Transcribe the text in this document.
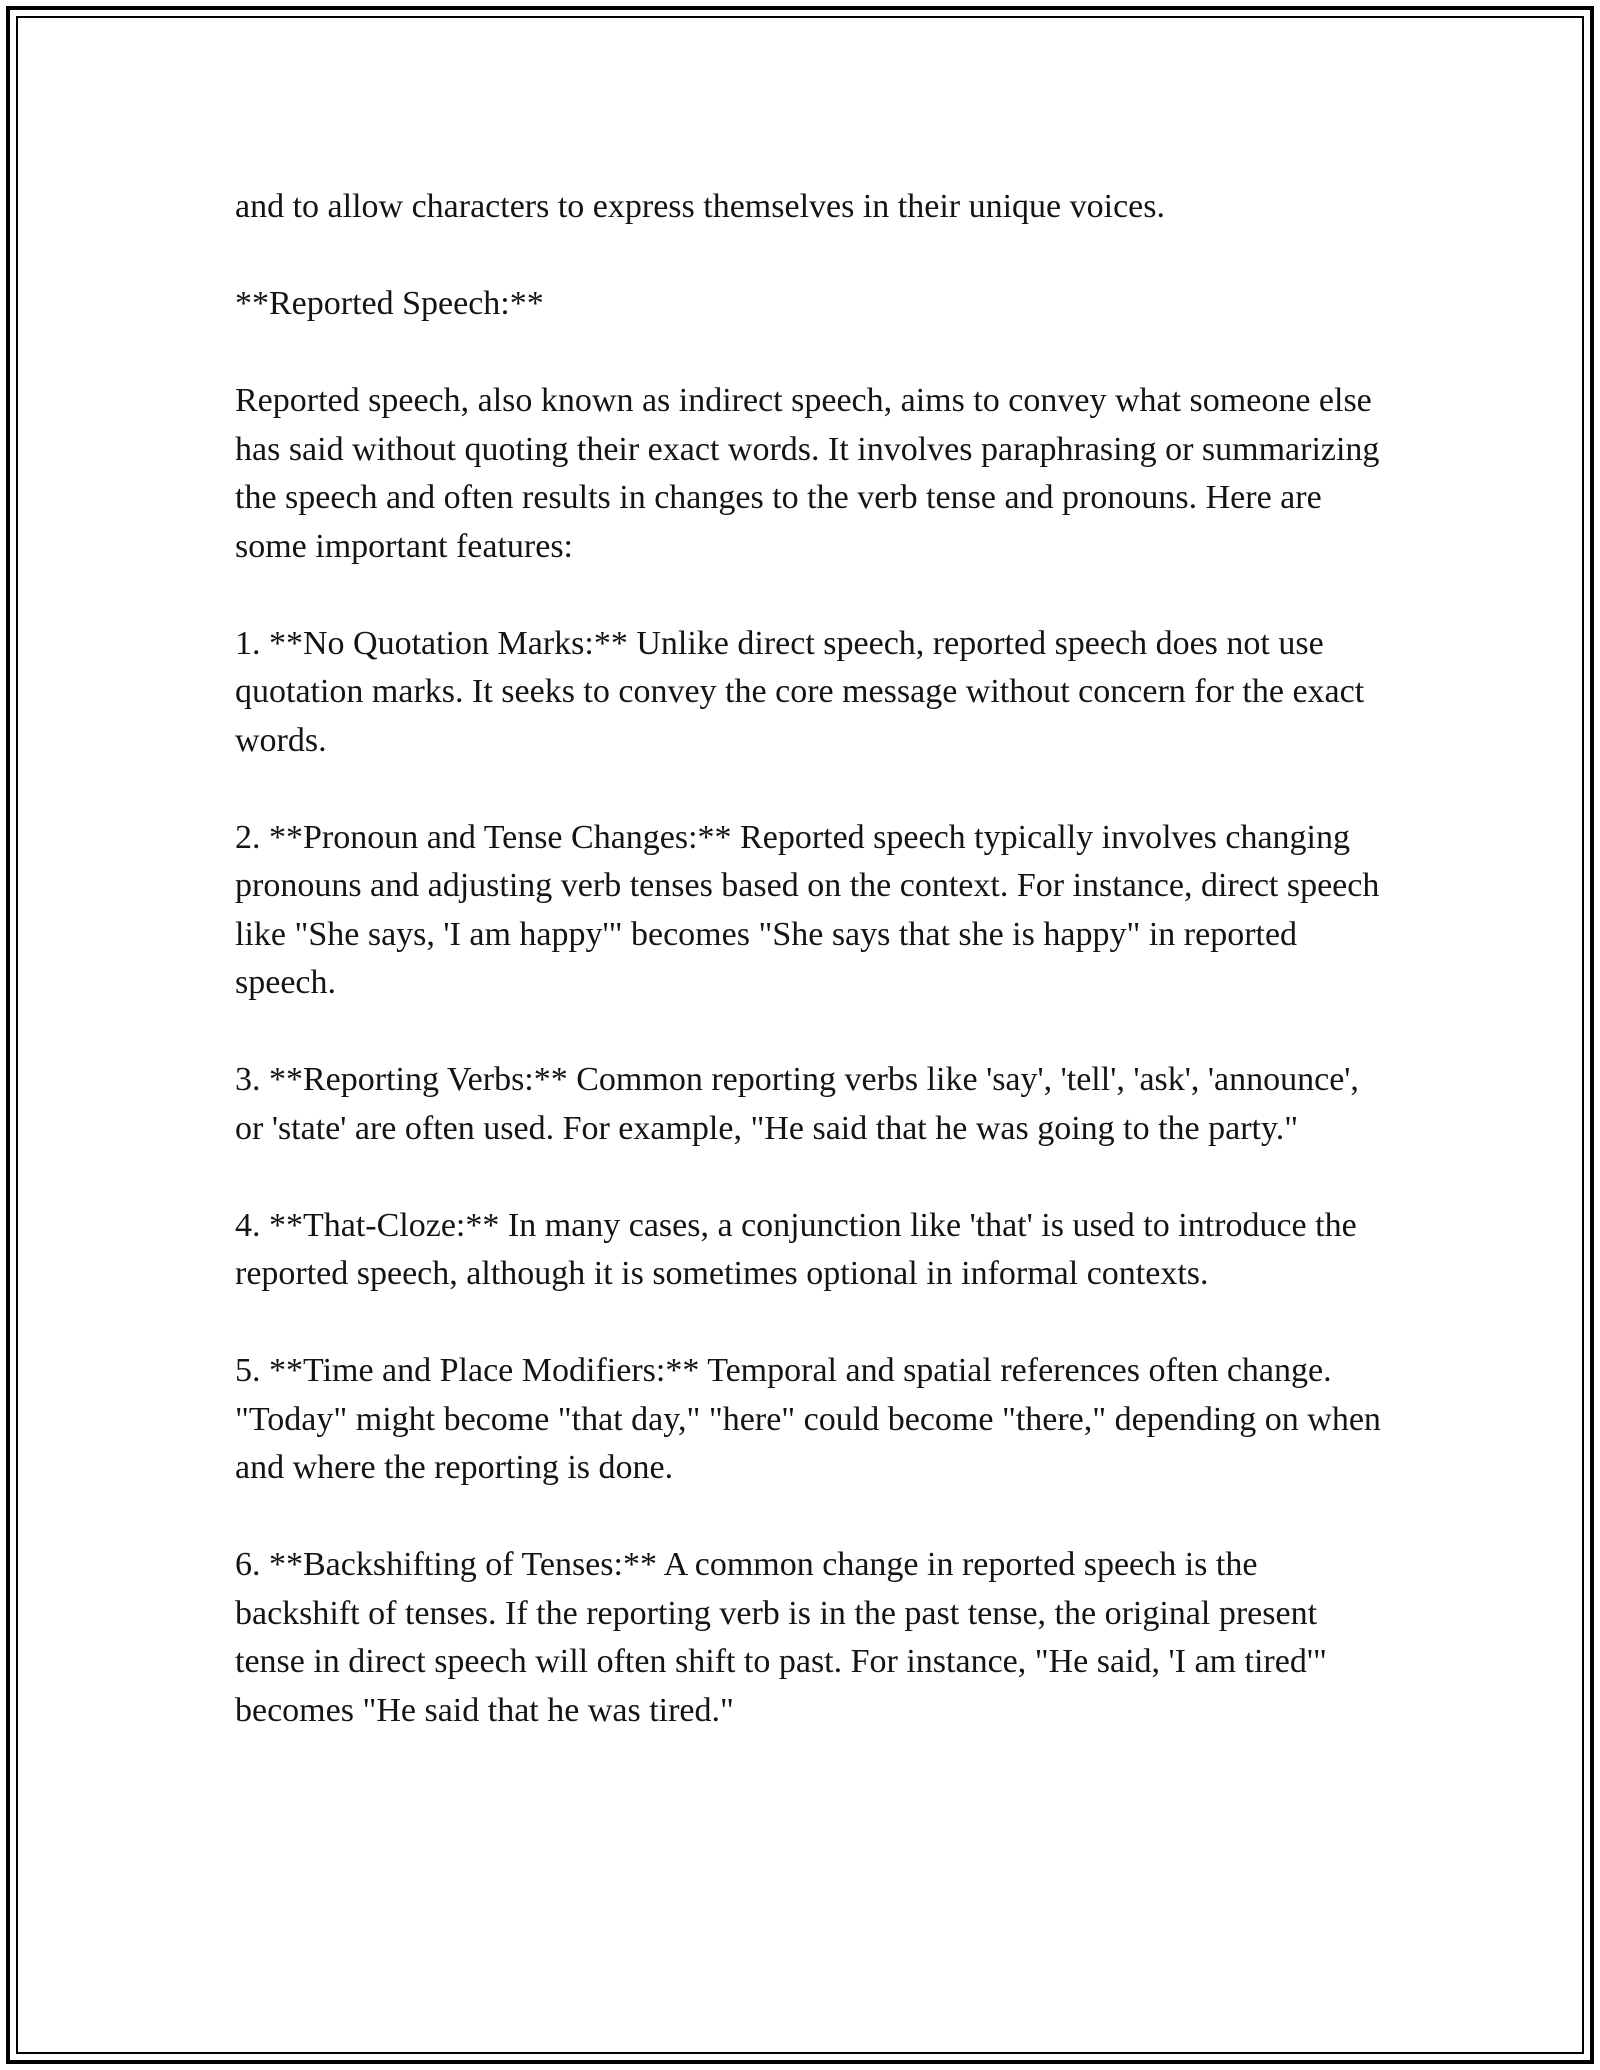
and to allow characters to express themselves in their unique voices.

**Reported Speech:**

Reported speech, also known as indirect speech, aims to convey what someone else has said without quoting their exact words. It involves paraphrasing or summarizing the speech and often results in changes to the verb tense and pronouns. Here are some important features:

1. **No Quotation Marks:** Unlike direct speech, reported speech does not use quotation marks. It seeks to convey the core message without concern for the exact words.

2. **Pronoun and Tense Changes:** Reported speech typically involves changing pronouns and adjusting verb tenses based on the context. For instance, direct speech like "She says, 'I am happy'" becomes "She says that she is happy" in reported speech.

3. **Reporting Verbs:** Common reporting verbs like 'say', 'tell', 'ask', 'announce', or 'state' are often used. For example, "He said that he was going to the party."

4. **That-Cloze:** In many cases, a conjunction like 'that' is used to introduce the reported speech, although it is sometimes optional in informal contexts.

5. **Time and Place Modifiers:** Temporal and spatial references often change. "Today" might become "that day," "here" could become "there," depending on when and where the reporting is done.

6. **Backshifting of Tenses:** A common change in reported speech is the backshift of tenses. If the reporting verb is in the past tense, the original present tense in direct speech will often shift to past. For instance, "He said, 'I am tired'" becomes "He said that he was tired."
